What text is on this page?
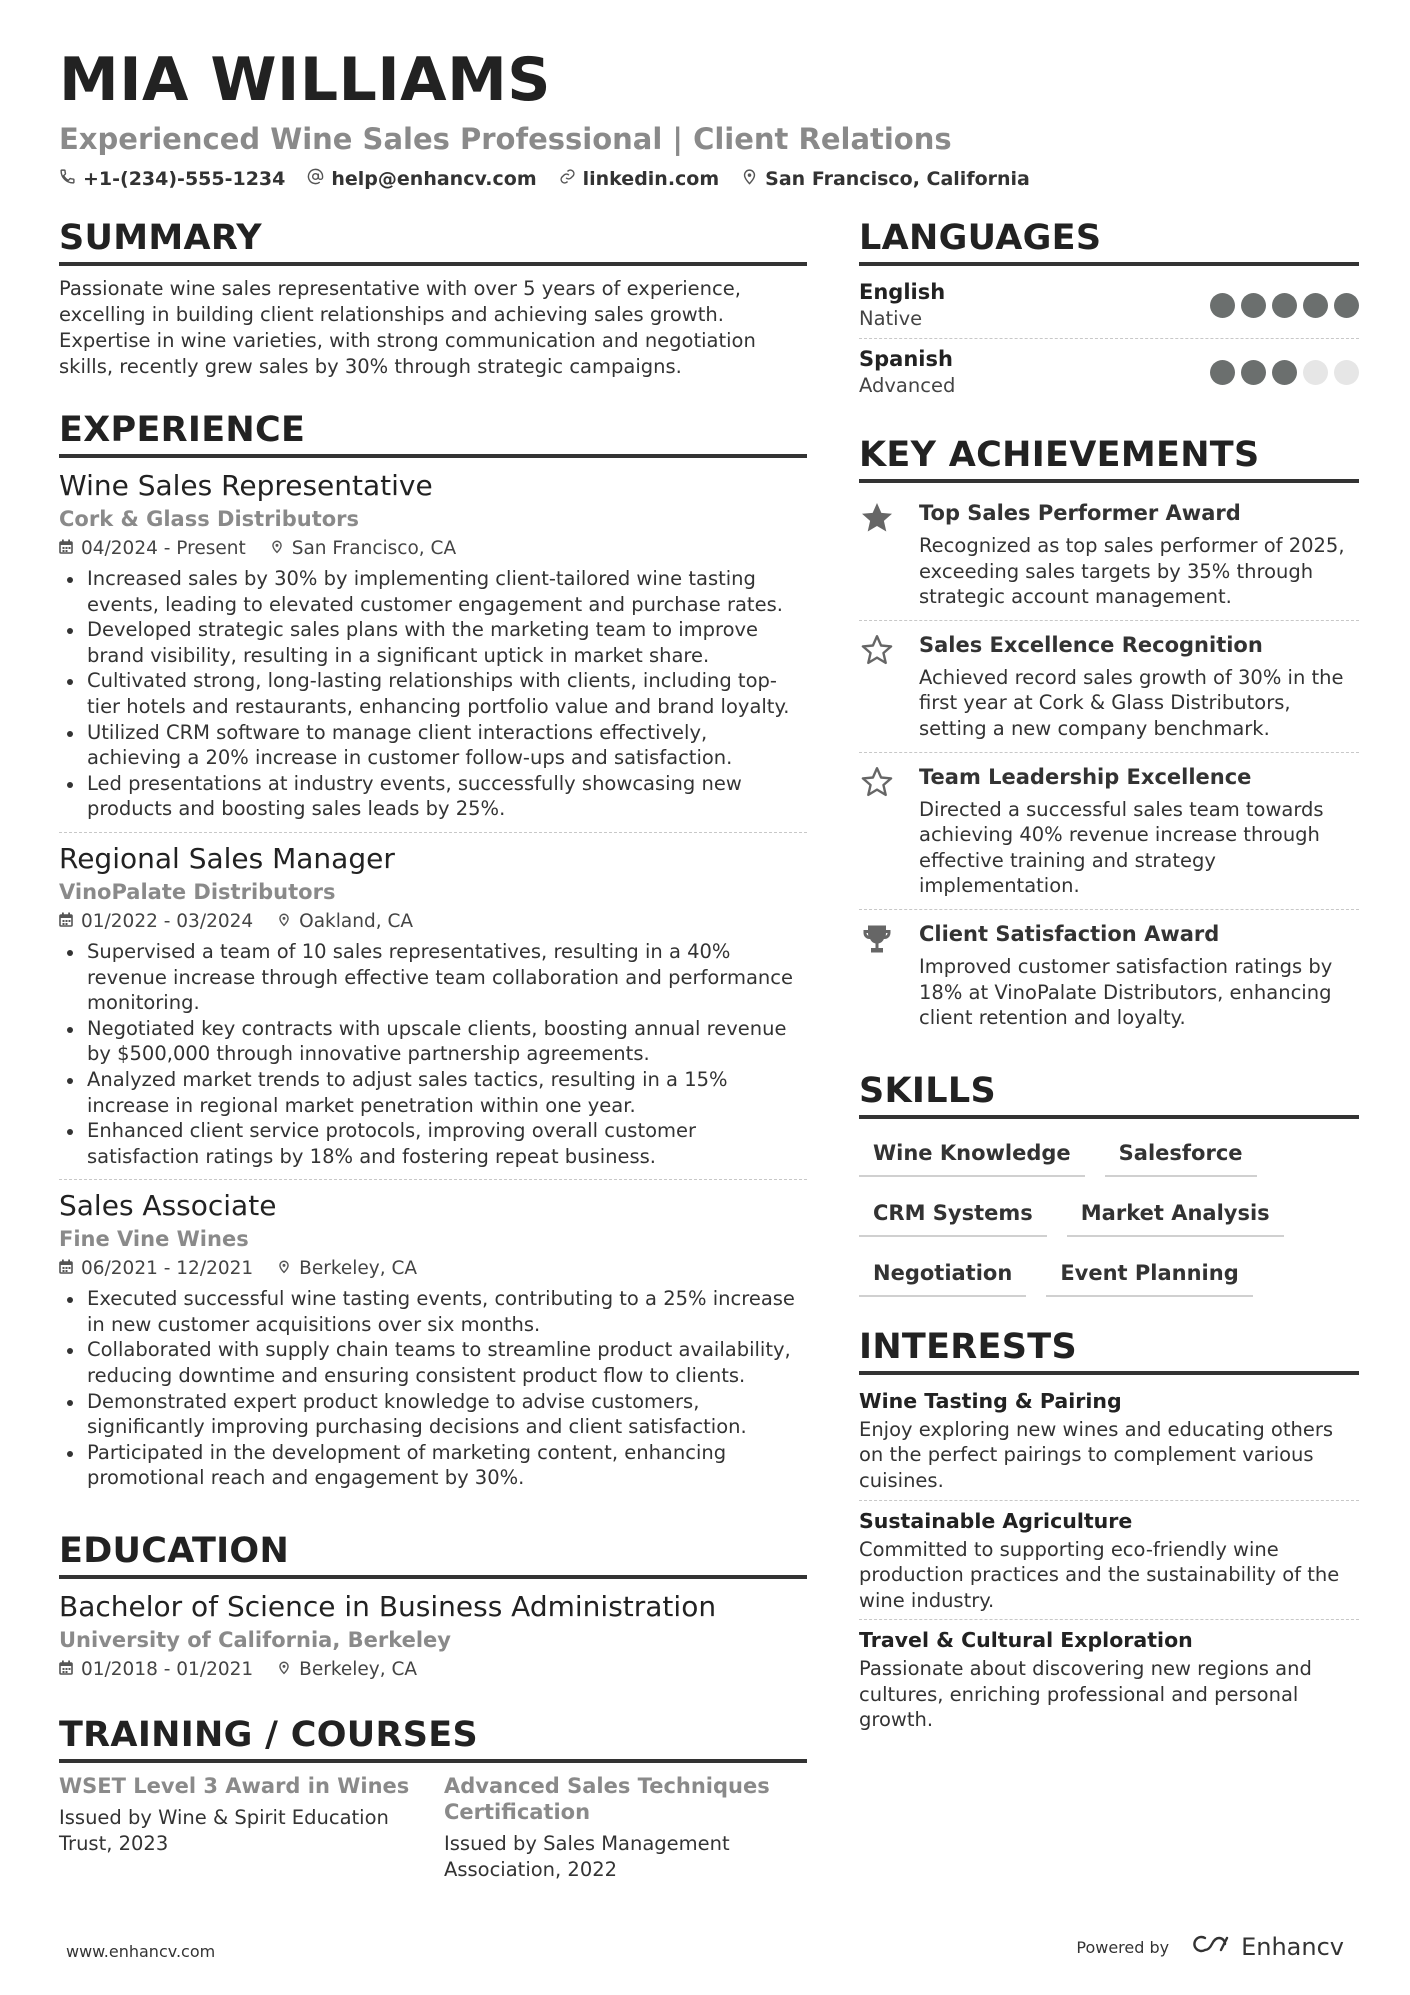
MIA WILLIAMS
Experienced Wine Sales Professional | Client Relations
+1-(234)-555-1234 help@enhancv.com linkedin.com San Francisco, California
SUMMARY
Passionate wine sales representative with over 5 years of experience, excelling in building client relationships and achieving sales growth. Expertise in wine varieties, with strong communication and negotiation skills, recently grew sales by 30% through strategic campaigns.
EXPERIENCE
Wine Sales Representative
Cork & Glass Distributors
04/2024 - Present San Francisco, CA
Increased sales by 30% by implementing client-tailored wine tasting events, leading to elevated customer engagement and purchase rates.
Developed strategic sales plans with the marketing team to improve brand visibility, resulting in a significant uptick in market share.
Cultivated strong, long-lasting relationships with clients, including top-tier hotels and restaurants, enhancing portfolio value and brand loyalty.
Utilized CRM software to manage client interactions effectively, achieving a 20% increase in customer follow-ups and satisfaction.
Led presentations at industry events, successfully showcasing new products and boosting sales leads by 25%.
Regional Sales Manager
VinoPalate Distributors
01/2022 - 03/2024 Oakland, CA
Supervised a team of 10 sales representatives, resulting in a 40% revenue increase through effective team collaboration and performance monitoring.
Negotiated key contracts with upscale clients, boosting annual revenue by $500,000 through innovative partnership agreements.
Analyzed market trends to adjust sales tactics, resulting in a 15% increase in regional market penetration within one year.
Enhanced client service protocols, improving overall customer satisfaction ratings by 18% and fostering repeat business.
Sales Associate
Fine Vine Wines
06/2021 - 12/2021 Berkeley, CA
Executed successful wine tasting events, contributing to a 25% increase in new customer acquisitions over six months.
Collaborated with supply chain teams to streamline product availability, reducing downtime and ensuring consistent product flow to clients.
Demonstrated expert product knowledge to advise customers, significantly improving purchasing decisions and client satisfaction.
Participated in the development of marketing content, enhancing promotional reach and engagement by 30%.
EDUCATION
Bachelor of Science in Business Administration
University of California, Berkeley
01/2018 - 01/2021 Berkeley, CA
TRAINING / COURSES
WSET Level 3 Award in Wines
Issued by Wine & Spirit Education Trust, 2023
Advanced Sales Techniques Certification
Issued by Sales Management Association, 2022
LANGUAGES
English
Native
Spanish
Advanced
KEY ACHIEVEMENTS
Top Sales Performer Award
Recognized as top sales performer of 2025, exceeding sales targets by 35% through strategic account management.
Sales Excellence Recognition
Achieved record sales growth of 30% in the first year at Cork & Glass Distributors, setting a new company benchmark.
Team Leadership Excellence
Directed a successful sales team towards achieving 40% revenue increase through effective training and strategy implementation.
Client Satisfaction Award
Improved customer satisfaction ratings by 18% at VinoPalate Distributors, enhancing client retention and loyalty.
SKILLS
Wine Knowledge	Salesforce
CRM Systems	Market Analysis
Negotiation	Event Planning
INTERESTS
Wine Tasting & Pairing
Enjoy exploring new wines and educating others on the perfect pairings to complement various cuisines.
Sustainable Agriculture
Committed to supporting eco-friendly wine production practices and the sustainability of the wine industry.
Travel & Cultural Exploration
Passionate about discovering new regions and cultures, enriching professional and personal growth.
www.enhancv.com	Powered by	Enhancv
